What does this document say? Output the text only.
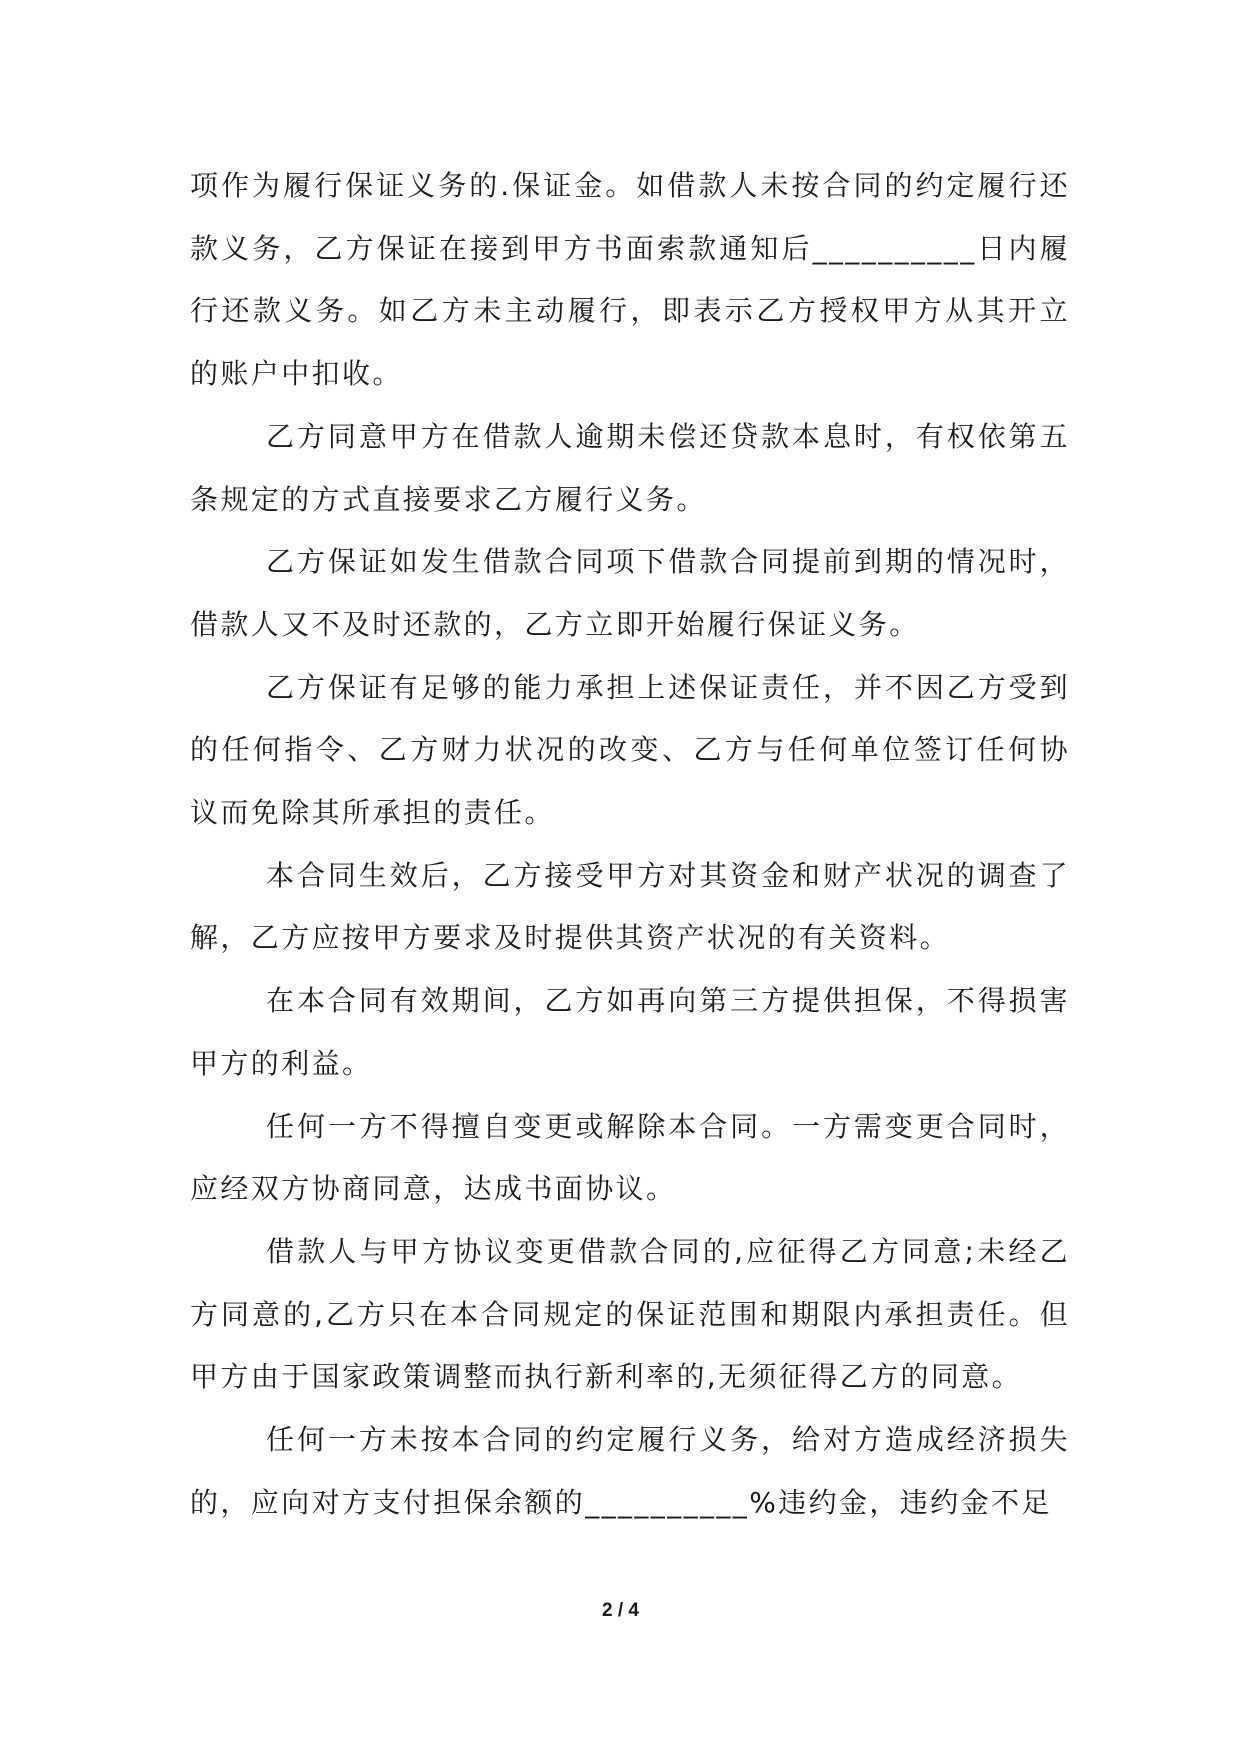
项作为履行保证义务的.保证金。如借款人未按合同的约定履行还款义务，乙方保证在接到甲方书面索款通知后__________日内履行还款义务。如乙方未主动履行，即表示乙方授权甲方从其开立的账户中扣收。

乙方同意甲方在借款人逾期未偿还贷款本息时，有权依第五条规定的方式直接要求乙方履行义务。

乙方保证如发生借款合同项下借款合同提前到期的情况时，借款人又不及时还款的，乙方立即开始履行保证义务。

乙方保证有足够的能力承担上述保证责任，并不因乙方受到的任何指令、乙方财力状况的改变、乙方与任何单位签订任何协议而免除其所承担的责任。

本合同生效后，乙方接受甲方对其资金和财产状况的调查了解，乙方应按甲方要求及时提供其资产状况的有关资料。

在本合同有效期间，乙方如再向第三方提供担保，不得损害甲方的利益。

任何一方不得擅自变更或解除本合同。一方需变更合同时，应经双方协商同意，达成书面协议。

借款人与甲方协议变更借款合同的,应征得乙方同意;未经乙方同意的,乙方只在本合同规定的保证范围和期限内承担责任。但甲方由于国家政策调整而执行新利率的,无须征得乙方的同意。

任何一方未按本合同的约定履行义务，给对方造成经济损失的，应向对方支付担保余额的__________%违约金，违约金不足

2 / 4
